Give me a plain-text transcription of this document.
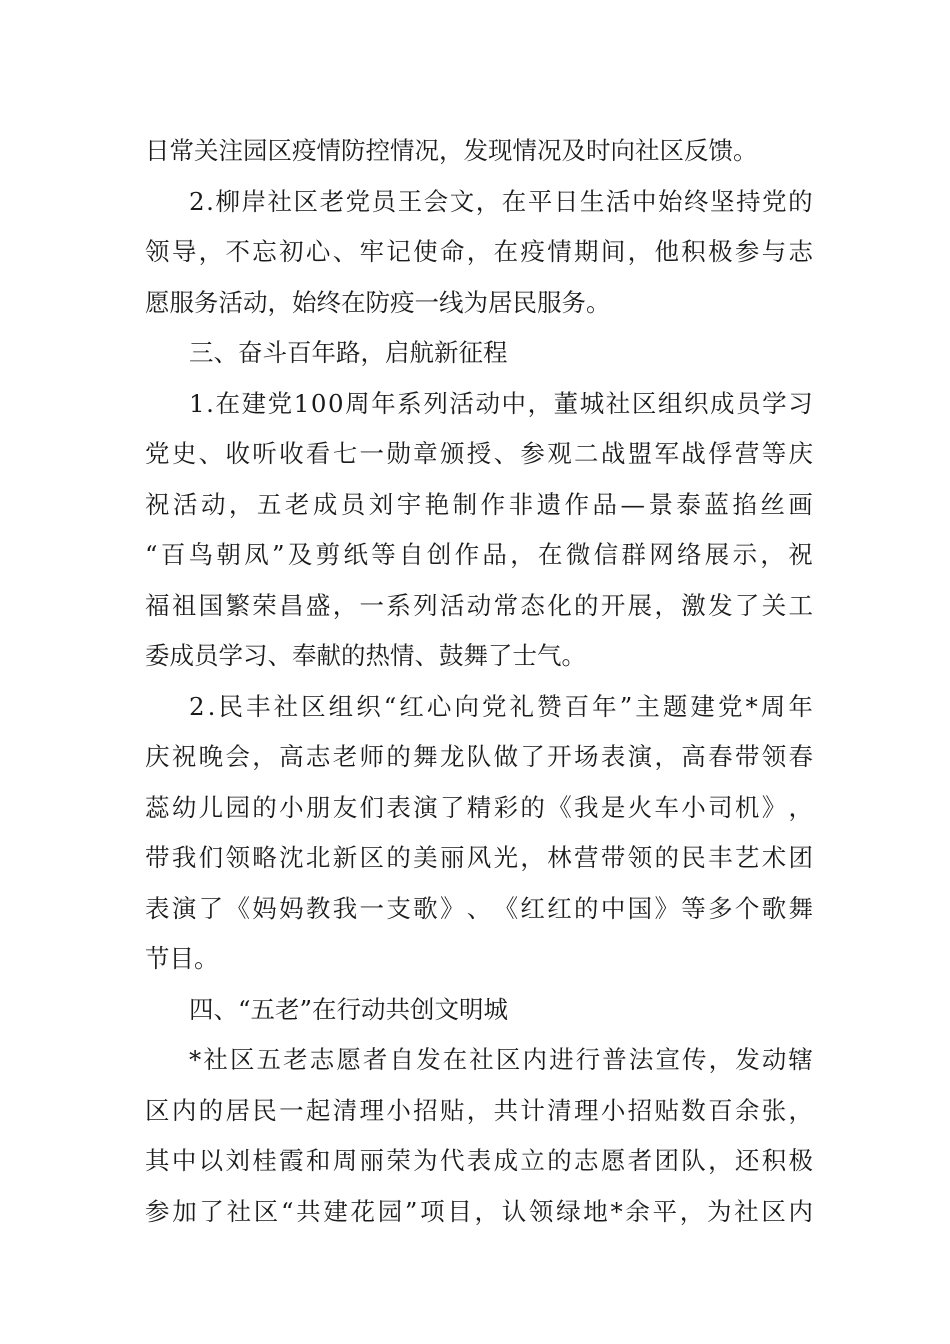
日常关注园区疫情防控情况，发现情况及时向社区反馈。
2.柳岸社区老党员王会文，在平日生活中始终坚持党的
领导，不忘初心、牢记使命，在疫情期间，他积极参与志
愿服务活动，始终在防疫一线为居民服务。
三、奋斗百年路，启航新征程
1.在建党100周年系列活动中，董城社区组织成员学习
党史、收听收看七一勋章颁授、参观二战盟军战俘营等庆
祝 活 动 ， 五 老 成 员 刘 宇 艳 制 作 非 遗 作 品 — 景 泰 蓝 掐 丝 画
“ 百 鸟 朝 凤 ” 及 剪 纸 等 自 创 作 品 ， 在 微 信 群 网 络 展 示 ， 祝
福祖国繁荣昌盛，一系列活动常态化的开展，激发了关工
委成员学习、奉献的热情、鼓舞了士气。
2 . 民 丰 社 区 组 织 “ 红 心 向 党 礼 赞 百 年 ” 主 题 建 党 * 周 年
庆祝晚会，高志老师的舞龙队做了开场表演，高春带领春
蕊幼儿园的小朋友们表演了精彩的《我是火车小司机》，
带我们领略沈北新区的美丽风光，林营带领的民丰艺术团
表演了《妈妈教我一支歌》、《红红的中国》等多个歌舞
节目。
四、“五老”在行动共创文明城
*社区五老志愿者自发在社区内进行普法宣传，发动辖
区内的居民一起清理小招贴，共计清理小招贴数百余张，
其中以刘桂霞和周丽荣为代表成立的志愿者团队，还积极
参 加 了 社 区 “ 共 建 花 园 ” 项 目 ， 认 领 绿 地 * 余 平 ， 为 社 区 内
